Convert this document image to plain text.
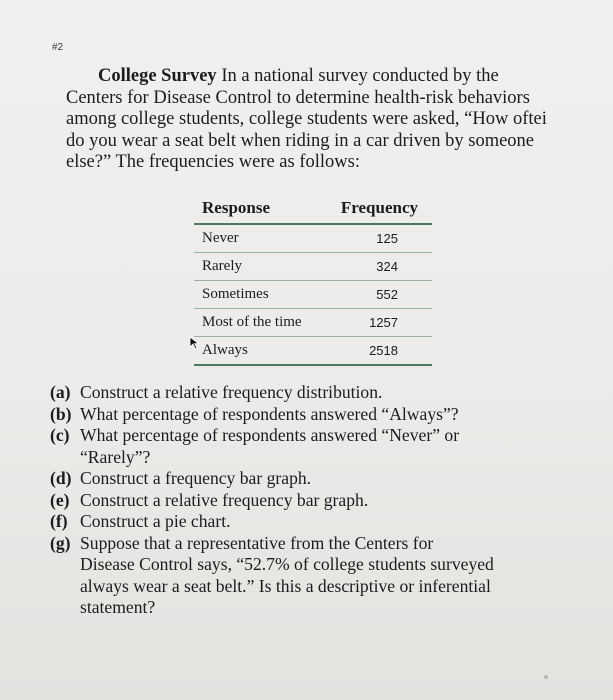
#2
College Survey In a national survey conducted by the
Centers for Disease Control to determine health-risk behaviors
among college students, college students were asked, “How oftei
do you wear a seat belt when riding in a car driven by someone
else?” The frequencies were as follows:
Response	Frequency
Never	125
Rarely	324
Sometimes	552
Most of the time	1257
Always	2518
(a) Construct a relative frequency distribution.
(b) What percentage of respondents answered “Always”?
(c) What percentage of respondents answered “Never” or
“Rarely”?
(d) Construct a frequency bar graph.
(e) Construct a relative frequency bar graph.
(f) Construct a pie chart.
(g) Suppose that a representative from the Centers for
Disease Control says, “52.7% of college students surveyed
always wear a seat belt.” Is this a descriptive or inferential
statement?
